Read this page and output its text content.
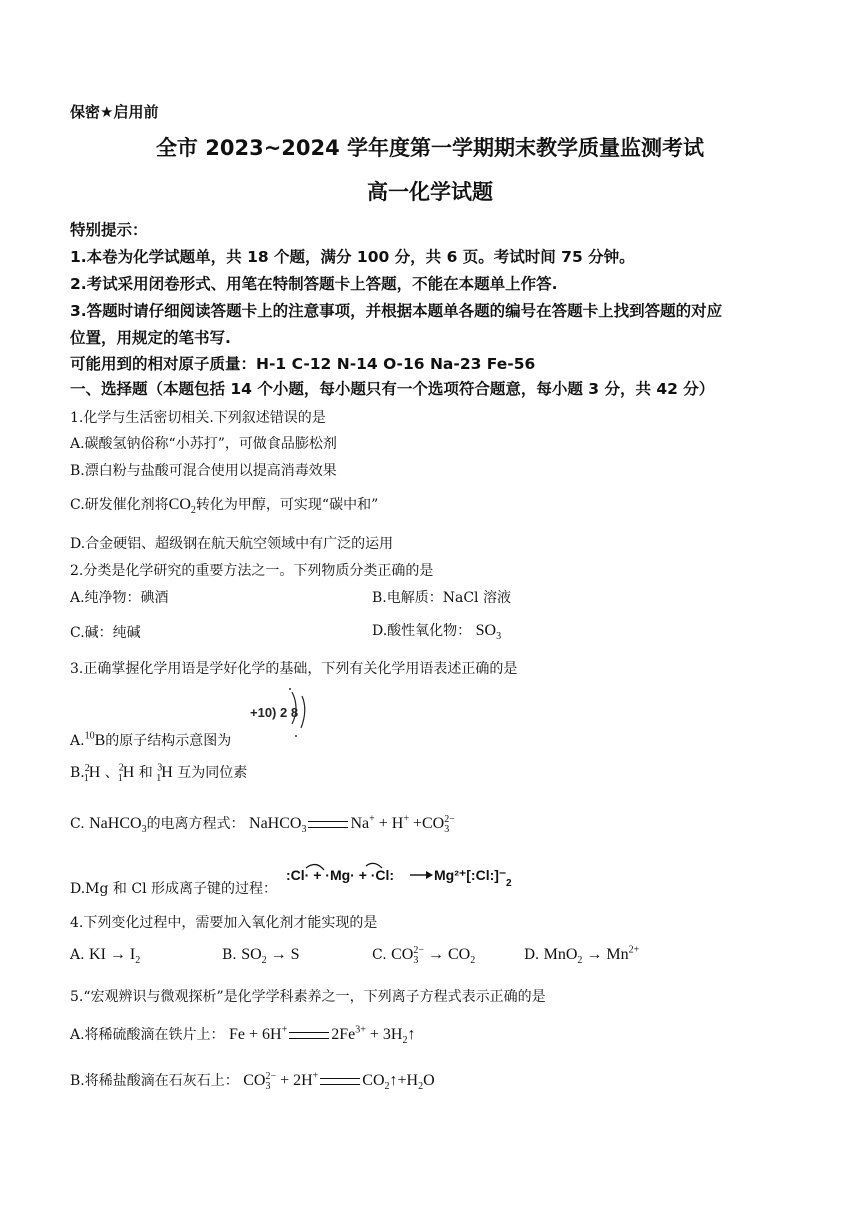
保密★启用前
全市 2023~2024 学年度第一学期期末教学质量监测考试
高一化学试题
特别提示：
1.本卷为化学试题单，共 18 个题，满分 100 分，共 6 页。考试时间 75 分钟。
2.考试采用闭卷形式、用笔在特制答题卡上答题，不能在本题单上作答.
3.答题时请仔细阅读答题卡上的注意事项，并根据本题单各题的编号在答题卡上找到答题的对应
位置，用规定的笔书写.
可能用到的相对原子质量：H-1 C-12 N-14 O-16 Na-23 Fe-56
一、选择题（本题包括 14 个小题，每小题只有一个选项符合题意，每小题 3 分，共 42 分）
1.化学与生活密切相关.下列叙述错误的是
A.碳酸氢钠俗称“小苏打”，可做食品膨松剂
B.漂白粉与盐酸可混合使用以提高消毒效果
C.研发催化剂将$CO_2$转化为甲醇，可实现“碳中和”
D.合金硬铝、超级钢在航天航空领域中有广泛的运用
2.分类是化学研究的重要方法之一。下列物质分类正确的是
A.纯净物：碘酒	B.电解质：NaCl 溶液
C.碱：纯碱	D.酸性氧化物： $SO_3$
3.正确掌握化学用语是学好化学的基础，下列有关化学用语表述正确的是
+10) 2 8
A.$^{10}$B的原子结构示意图为
B.$^2_1$H 、$^2_1$H 和 $^3_1$H 互为同位素
C. NaHCO$_3$的电离方程式： NaHCO$_3$	$Na^+ + H^+ +CO_3^{2-}$
D.Mg 和 Cl 形成离子键的过程：
:Cl· + ·Mg· + ·Cl:	Mg²⁺[:Cl:]⁻
2
4.下列变化过程中，需要加入氧化剂才能实现的是
A. KI → $I_2$	B. $SO_2 \to S$	C. $CO_3^{2-} \to CO_2$	D. $MnO_2 \to Mn^{2+}$
5.“宏观辨识与微观探析”是化学学科素养之一，下列离子方程式表示正确的是
A.将稀硫酸滴在铁片上： Fe + 6H+	$2Fe^{3+}$ + $3H_2↑$
B.将稀盐酸滴在石灰石上： $CO_3^{2-} + 2H^+$	$CO_2↑+H_2O$
